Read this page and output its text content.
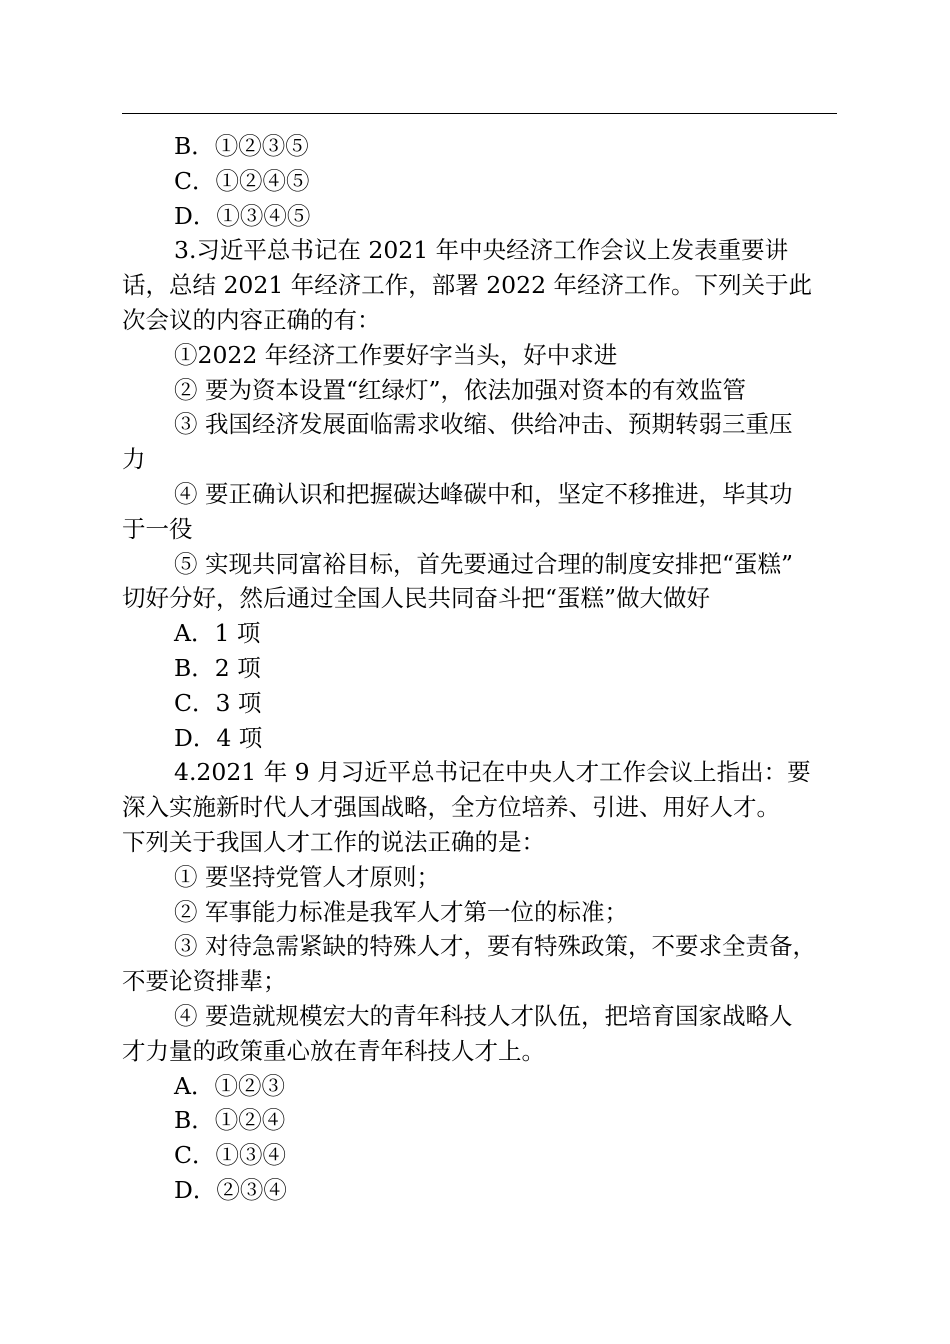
B．①②③⑤
C．①②④⑤
D．①③④⑤
3.习近平总书记在 2021 年中央经济工作会议上发表重要讲
话，总结 2021 年经济工作，部署 2022 年经济工作。下列关于此
次会议的内容正确的有：
①2022 年经济工作要好字当头，好中求进
② 要为资本设置“红绿灯”，依法加强对资本的有效监管
③ 我国经济发展面临需求收缩、供给冲击、预期转弱三重压
力
④ 要正确认识和把握碳达峰碳中和，坚定不移推进，毕其功
于一役
⑤ 实现共同富裕目标，首先要通过合理的制度安排把“蛋糕”
切好分好，然后通过全国人民共同奋斗把“蛋糕”做大做好
A．1 项
B．2 项
C．3 项
D．4 项
4.2021 年 9 月习近平总书记在中央人才工作会议上指出：要
深入实施新时代人才强国战略，全方位培养、引进、用好人才。
下列关于我国人才工作的说法正确的是：
① 要坚持党管人才原则；
② 军事能力标准是我军人才第一位的标准；
③ 对待急需紧缺的特殊人才，要有特殊政策，不要求全责备，
不要论资排辈；
④ 要造就规模宏大的青年科技人才队伍，把培育国家战略人
才力量的政策重心放在青年科技人才上。
A．①②③
B．①②④
C．①③④
D．②③④
